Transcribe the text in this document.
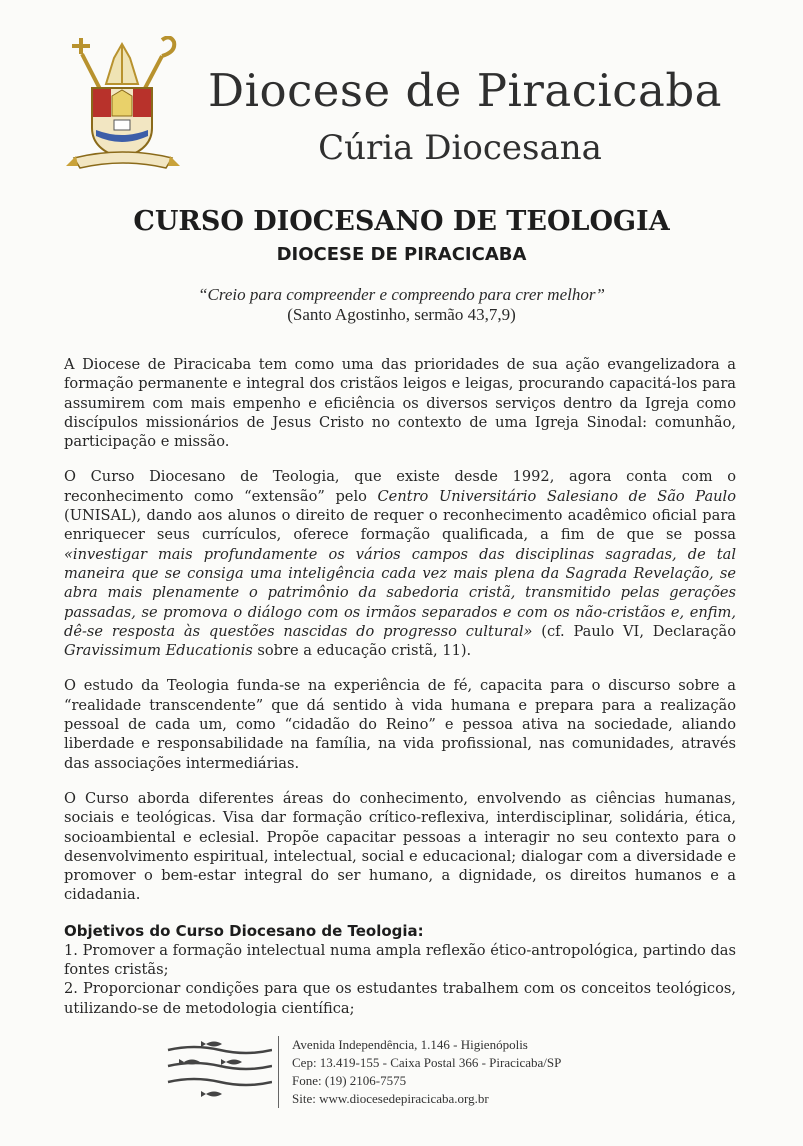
Diocese de Piracicaba
Cúria Diocesana
CURSO DIOCESANO DE TEOLOGIA
DIOCESE DE PIRACICABA
“Creio para compreender e compreendo para crer melhor”
(Santo Agostinho, sermão 43,7,9)

A Diocese de Piracicaba tem como uma das prioridades de sua ação evangelizadora a formação permanente e integral dos cristãos leigos e leigas, procurando capacitá-los para assumirem com mais empenho e eficiência os diversos serviços dentro da Igreja como discípulos missionários de Jesus Cristo no contexto de uma Igreja Sinodal: comunhão, participação e missão.

O Curso Diocesano de Teologia, que existe desde 1992, agora conta com o reconhecimento como “extensão” pelo Centro Universitário Salesiano de São Paulo (UNISAL), dando aos alunos o direito de requer o reconhecimento acadêmico oficial para enriquecer seus currículos, oferece formação qualificada, a fim de que se possa «investigar mais profundamente os vários campos das disciplinas sagradas, de tal maneira que se consiga uma inteligência cada vez mais plena da Sagrada Revelação, se abra mais plenamente o patrimônio da sabedoria cristã, transmitido pelas gerações passadas, se promova o diálogo com os irmãos separados e com os não-cristãos e, enfim, dê-se resposta às questões nascidas do progresso cultural» (cf. Paulo VI, Declaração Gravissimum Educationis sobre a educação cristã, 11).

O estudo da Teologia funda-se na experiência de fé, capacita para o discurso sobre a “realidade transcendente” que dá sentido à vida humana e prepara para a realização pessoal de cada um, como “cidadão do Reino” e pessoa ativa na sociedade, aliando liberdade e responsabilidade na família, na vida profissional, nas comunidades, através das associações intermediárias.

O Curso aborda diferentes áreas do conhecimento, envolvendo as ciências humanas, sociais e teológicas. Visa dar formação crítico-reflexiva, interdisciplinar, solidária, ética, socioambiental e eclesial. Propõe capacitar pessoas a interagir no seu contexto para o desenvolvimento espiritual, intelectual, social e educacional; dialogar com a diversidade e promover o bem-estar integral do ser humano, a dignidade, os direitos humanos e a cidadania.

Objetivos do Curso Diocesano de Teologia:
1. Promover a formação intelectual numa ampla reflexão ético-antropológica, partindo das fontes cristãs;
2. Proporcionar condições para que os estudantes trabalhem com os conceitos teológicos, utilizando-se de metodologia científica;
Avenida Independência, 1.146 - Higienópolis
Cep: 13.419-155 - Caixa Postal 366 - Piracicaba/SP
Fone: (19) 2106-7575
Site: www.diocesedepiracicaba.org.br
